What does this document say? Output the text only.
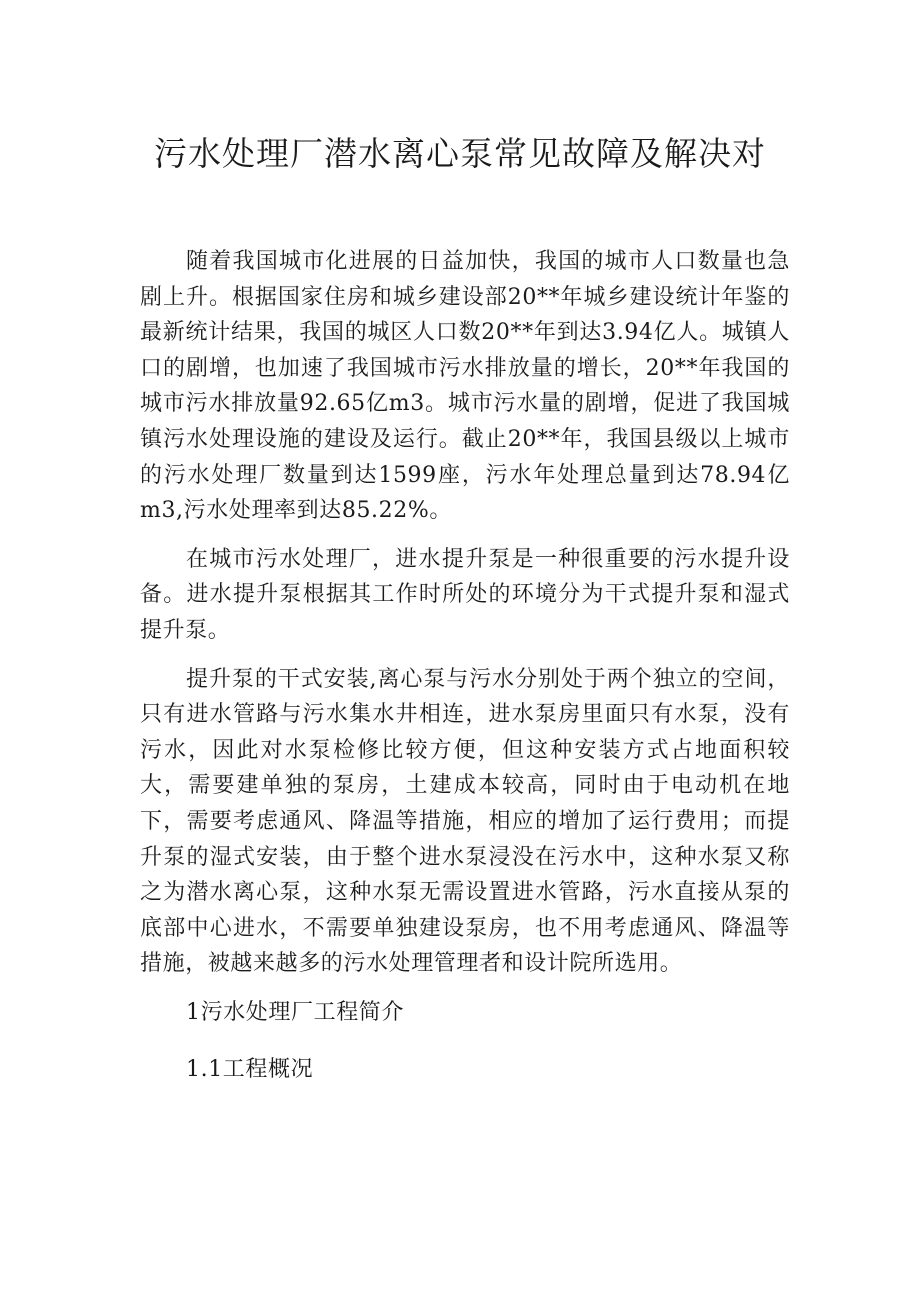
污水处理厂潜水离心泵常见故障及解决对

随着我国城市化进展的日益加快，我国的城市人口数量也急剧上升。根据国家住房和城乡建设部20**年城乡建设统计年鉴的最新统计结果，我国的城区人口数20**年到达3.94亿人。城镇人口的剧增，也加速了我国城市污水排放量的增长，20**年我国的城市污水排放量92.65亿m3。城市污水量的剧增，促进了我国城镇污水处理设施的建设及运行。截止20**年，我国县级以上城市的污水处理厂数量到达1599座，污水年处理总量到达78.94亿m3,污水处理率到达85.22%。

在城市污水处理厂，进水提升泵是一种很重要的污水提升设备。进水提升泵根据其工作时所处的环境分为干式提升泵和湿式提升泵。

提升泵的干式安装,离心泵与污水分别处于两个独立的空间，只有进水管路与污水集水井相连，进水泵房里面只有水泵，没有污水，因此对水泵检修比较方便，但这种安装方式占地面积较大，需要建单独的泵房，土建成本较高，同时由于电动机在地下，需要考虑通风、降温等措施，相应的增加了运行费用；而提升泵的湿式安装，由于整个进水泵浸没在污水中，这种水泵又称之为潜水离心泵，这种水泵无需设置进水管路，污水直接从泵的底部中心进水，不需要单独建设泵房，也不用考虑通风、降温等措施，被越来越多的污水处理管理者和设计院所选用。

1污水处理厂工程简介

1.1工程概况
